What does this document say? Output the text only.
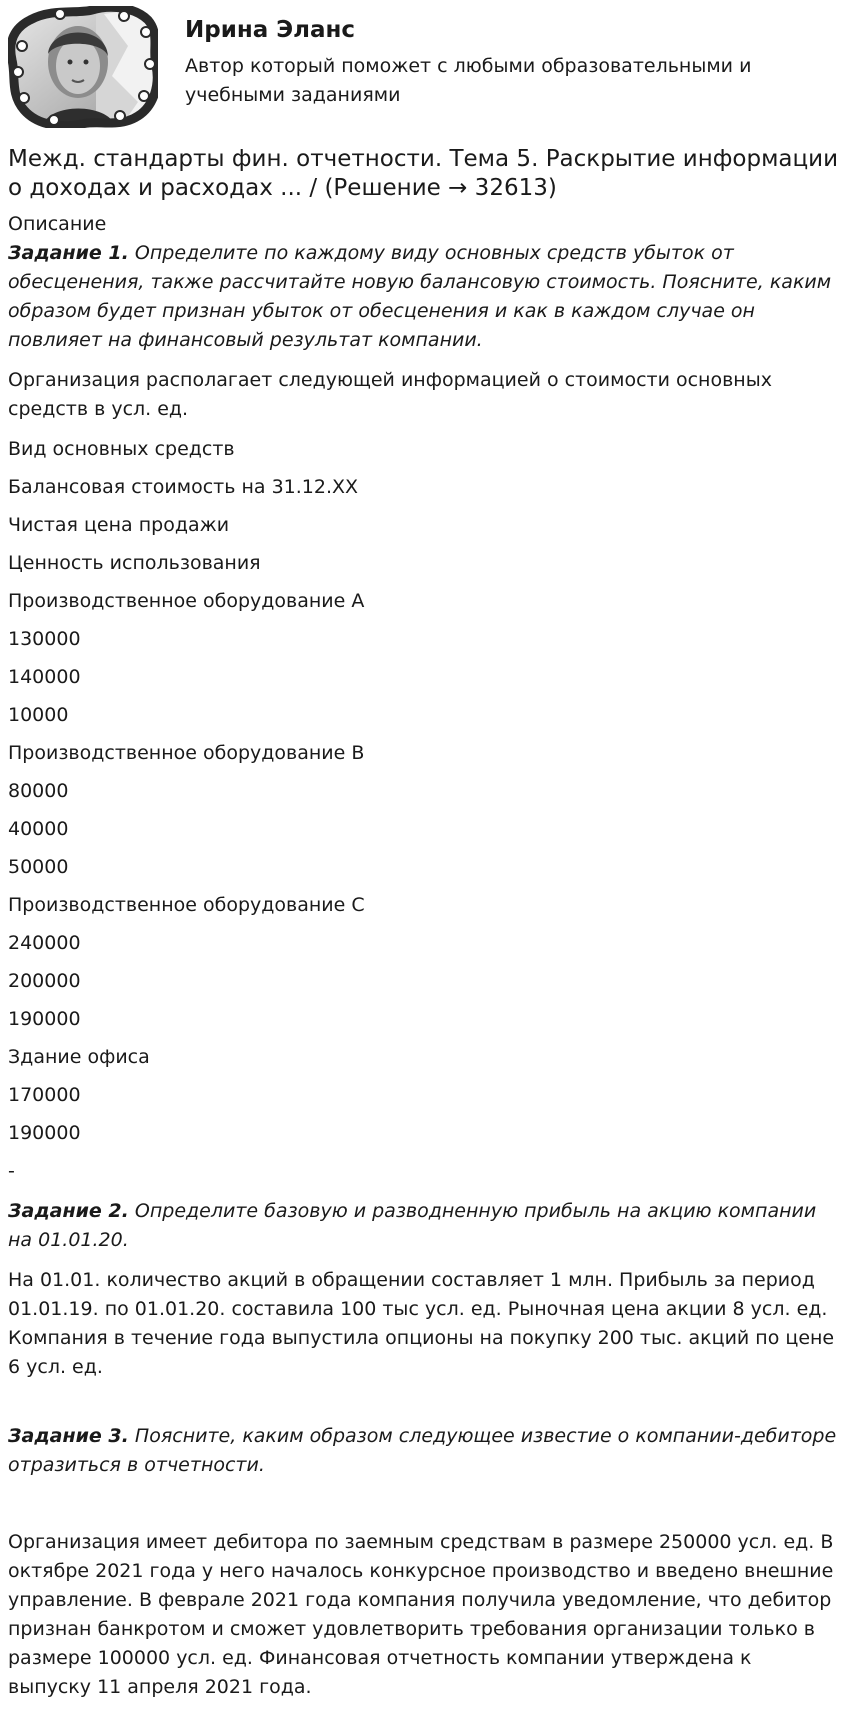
Ирина Эланс
Автор который поможет с любыми образовательными и учебными заданиями
Межд. стандарты фин. отчетности. Тема 5. Раскрытие информации о доходах и расходах ... / (Решение → 32613)
Описание

Задание 1. Определите по каждому виду основных средств убыток от обесценения, также рассчитайте новую балансовую стоимость. Поясните, каким образом будет признан убыток от обесценения и как в каждом случае он повлияет на финансовый результат компании.

Организация располагает следующей информацией о стоимости основных средств в усл. ед.

Вид основных средств
Балансовая стоимость на 31.12.ХХ
Чистая цена продажи
Ценность использования
Производственное оборудование А
130000
140000
10000
Производственное оборудование В
80000
40000
50000
Производственное оборудование С
240000
200000
190000
Здание офиса
170000
190000
-

Задание 2. Определите базовую и разводненную прибыль на акцию компании на 01.01.20.

На 01.01. количество акций в обращении составляет 1 млн. Прибыль за период 01.01.19. по 01.01.20. составила 100 тыс усл. ед. Рыночная цена акции 8 усл. ед. Компания в течение года выпустила опционы на покупку 200 тыс. акций по цене 6 усл. ед.

Задание 3. Поясните, каким образом следующее известие о компании-дебиторе отразиться в отчетности.

Организация имеет дебитора по заемным средствам в размере 250000 усл. ед. В октябре 2021 года у него началось конкурсное производство и введено внешние управление. В феврале 2021 года компания получила уведомление, что дебитор признан банкротом и сможет удовлетворить требования организации только в размере 100000 усл. ед. Финансовая отчетность компании утверждена к выпуску 11 апреля 2021 года.
